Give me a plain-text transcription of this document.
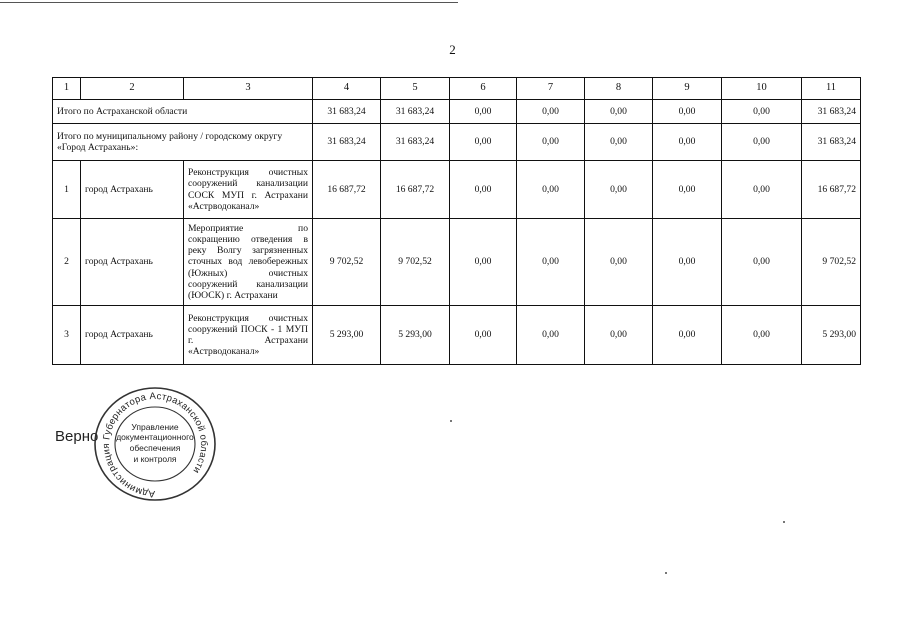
2
1	2	3	4	5	6	7	8	9	10	11
Итого по Астраханской области			31 683,24	31 683,24	0,00	0,00	0,00	0,00	0,00	31 683,24
Итого по муниципальному району / городскому округу «Город Астрахань»:			31 683,24	31 683,24	0,00	0,00	0,00	0,00	0,00	31 683,24
1	город Астрахань	Реконструкция очистных сооружений канализации СОСК МУП г. Астрахани «Астрводоканал»	16 687,72	16 687,72	0,00	0,00	0,00	0,00	0,00	16 687,72
2	город Астрахань	Мероприятие по сокращению отведения в реку Волгу загрязненных сточных вод левобережных (Южных) очистных сооружений канализации (ЮОСК) г. Астрахани	9 702,52	9 702,52	0,00	0,00	0,00	0,00	0,00	9 702,52
3	город Астрахань	Реконструкция очистных сооружений ПОСК - 1 МУП г. Астрахани «Астрводоканал»	5 293,00	5 293,00	0,00	0,00	0,00	0,00	0,00	5 293,00
Верно
Администрация Губернатора Астраханской области
Управление
документационного
обеспечения
и контроля
